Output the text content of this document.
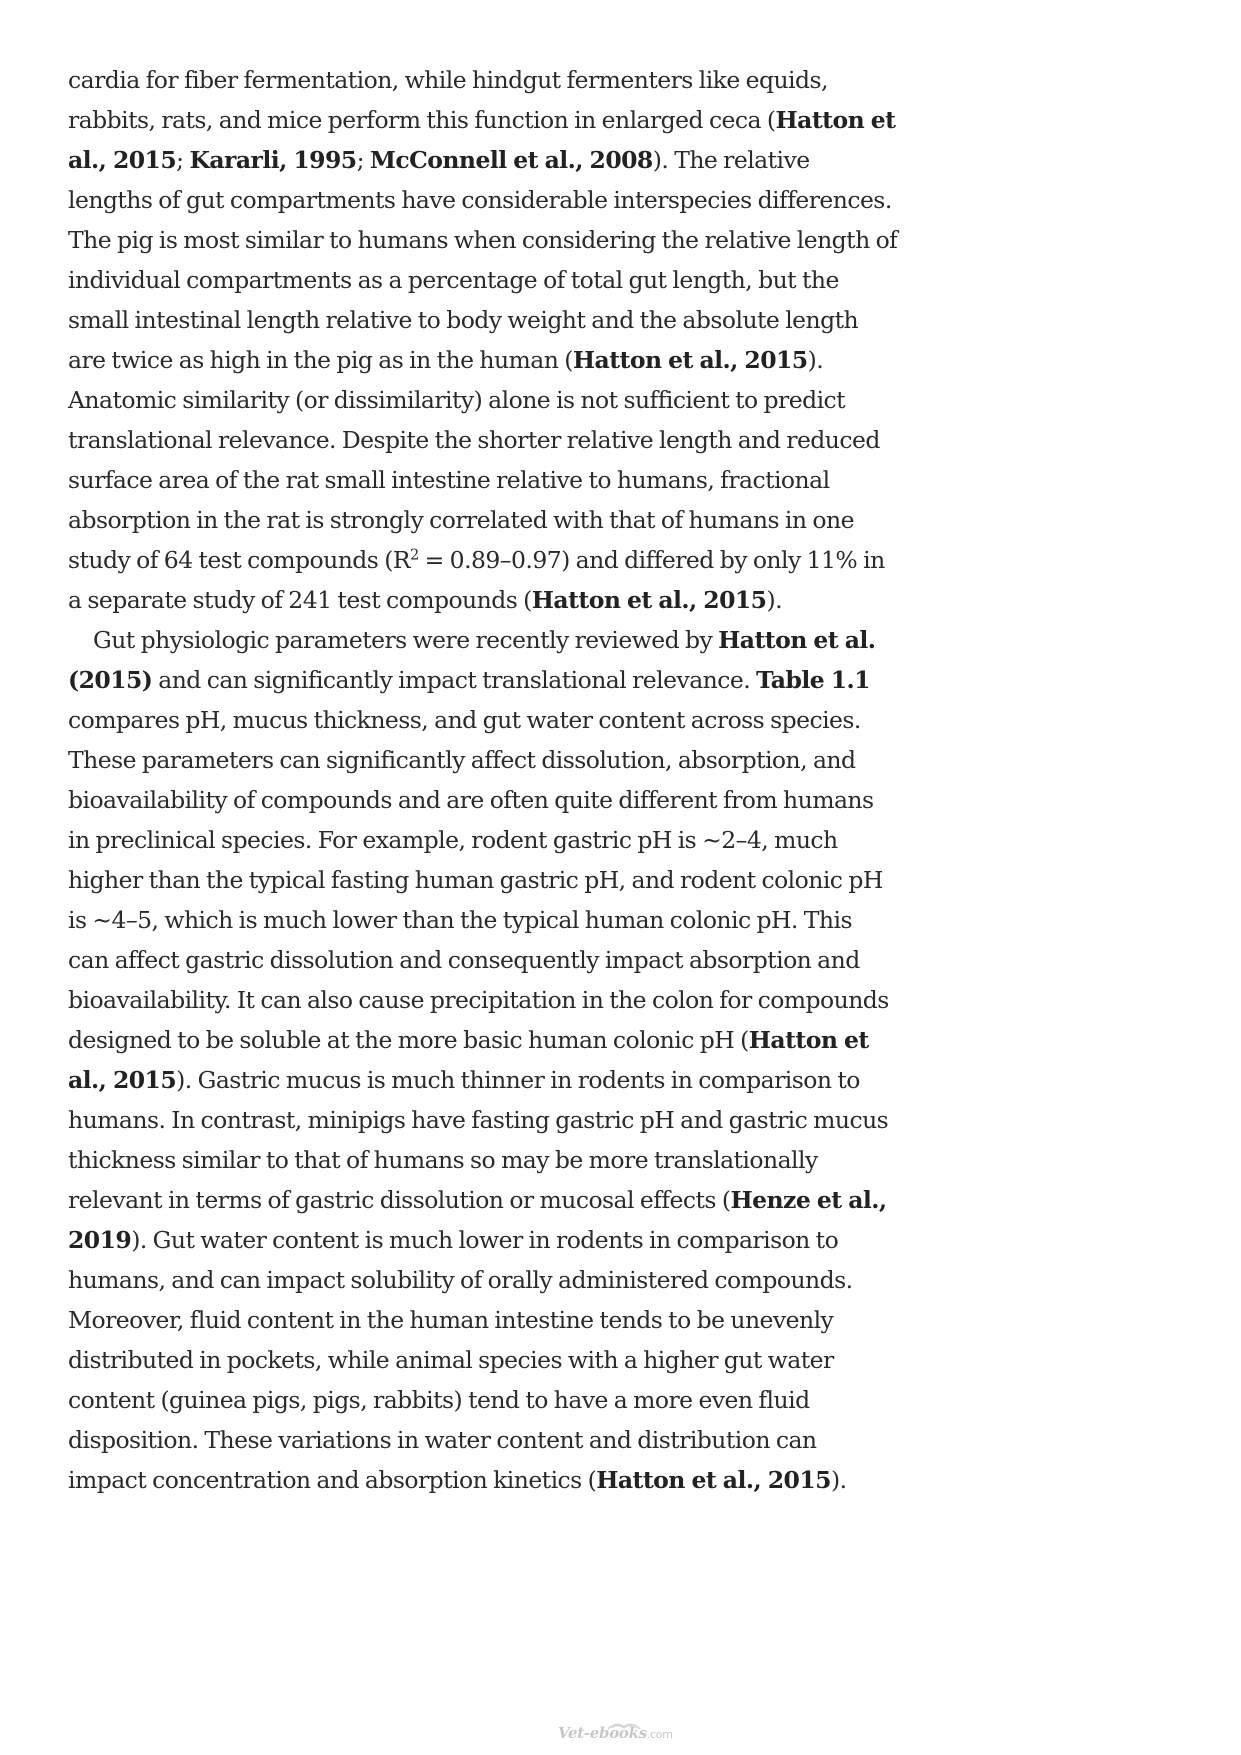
cardia for fiber fermentation, while hindgut fermenters like equids, rabbits, rats, and mice perform this function in enlarged ceca (Hatton et al., 2015; Kararli, 1995; McConnell et al., 2008). The relative lengths of gut compartments have considerable interspecies differences. The pig is most similar to humans when considering the relative length of individual compartments as a percentage of total gut length, but the small intestinal length relative to body weight and the absolute length are twice as high in the pig as in the human (Hatton et al., 2015). Anatomic similarity (or dissimilarity) alone is not sufficient to predict translational relevance. Despite the shorter relative length and reduced surface area of the rat small intestine relative to humans, fractional absorption in the rat is strongly correlated with that of humans in one study of 64 test compounds $(R^2 = 0.89-0.97)$ and differed by only 11% in a separate study of 241 test compounds (Hatton et al., 2015).

Gut physiologic parameters were recently reviewed by Hatton et al. (2015) and can significantly impact translational relevance. Table 1.1 compares pH, mucus thickness, and gut water content across species. These parameters can significantly affect dissolution, absorption, and bioavailability of compounds and are often quite different from humans in preclinical species. For example, rodent gastric pH is ~2–4, much higher than the typical fasting human gastric pH, and rodent colonic pH is ~4–5, which is much lower than the typical human colonic pH. This can affect gastric dissolution and consequently impact absorption and bioavailability. It can also cause precipitation in the colon for compounds designed to be soluble at the more basic human colonic pH (Hatton et al., 2015). Gastric mucus is much thinner in rodents in comparison to humans. In contrast, minipigs have fasting gastric pH and gastric mucus thickness similar to that of humans so may be more translationally relevant in terms of gastric dissolution or mucosal effects (Henze et al., 2019). Gut water content is much lower in rodents in comparison to humans, and can impact solubility of orally administered compounds. Moreover, fluid content in the human intestine tends to be unevenly distributed in pockets, while animal species with a higher gut water content (guinea pigs, pigs, rabbits) tend to have a more even fluid disposition. These variations in water content and distribution can impact concentration and absorption kinetics (Hatton et al., 2015).

Vet-ebooks.com
